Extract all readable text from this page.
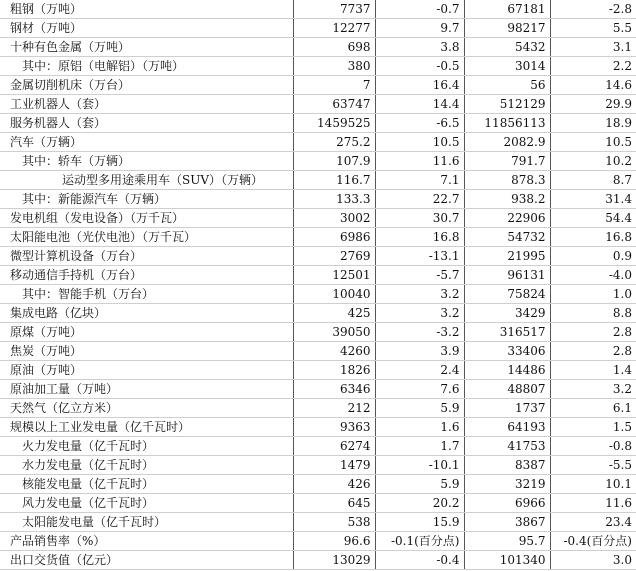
粗钢（万吨）	7737	-0.7	67181	-2.8
钢材（万吨）	12277	9.7	98217	5.5
十种有色金属（万吨）	698	3.8	5432	3.1
其中：原铝（电解铝）（万吨）	380	-0.5	3014	2.2
金属切削机床（万台）	7	16.4	56	14.6
工业机器人（套）	63747	14.4	512129	29.9
服务机器人（套）	1459525	-6.5	11856113	18.9
汽车（万辆）	275.2	10.5	2082.9	10.5
其中：轿车（万辆）	107.9	11.6	791.7	10.2
运动型多用途乘用车（SUV）（万辆）	116.7	7.1	878.3	8.7
其中：新能源汽车（万辆）	133.3	22.7	938.2	31.4
发电机组（发电设备）（万千瓦）	3002	30.7	22906	54.4
太阳能电池（光伏电池）（万千瓦）	6986	16.8	54732	16.8
微型计算机设备（万台）	2769	-13.1	21995	0.9
移动通信手持机（万台）	12501	-5.7	96131	-4.0
其中：智能手机（万台）	10040	3.2	75824	1.0
集成电路（亿块）	425	3.2	3429	8.8
原煤（万吨）	39050	-3.2	316517	2.8
焦炭（万吨）	4260	3.9	33406	2.8
原油（万吨）	1826	2.4	14486	1.4
原油加工量（万吨）	6346	7.6	48807	3.2
天然气（亿立方米）	212	5.9	1737	6.1
规模以上工业发电量（亿千瓦时）	9363	1.6	64193	1.5
火力发电量（亿千瓦时）	6274	1.7	41753	-0.8
水力发电量（亿千瓦时）	1479	-10.1	8387	-5.5
核能发电量（亿千瓦时）	426	5.9	3219	10.1
风力发电量（亿千瓦时）	645	20.2	6966	11.6
太阳能发电量（亿千瓦时）	538	15.9	3867	23.4
产品销售率（%）	96.6	-0.1(百分点)	95.7	-0.4(百分点)
出口交货值（亿元）	13029	-0.4	101340	3.0
